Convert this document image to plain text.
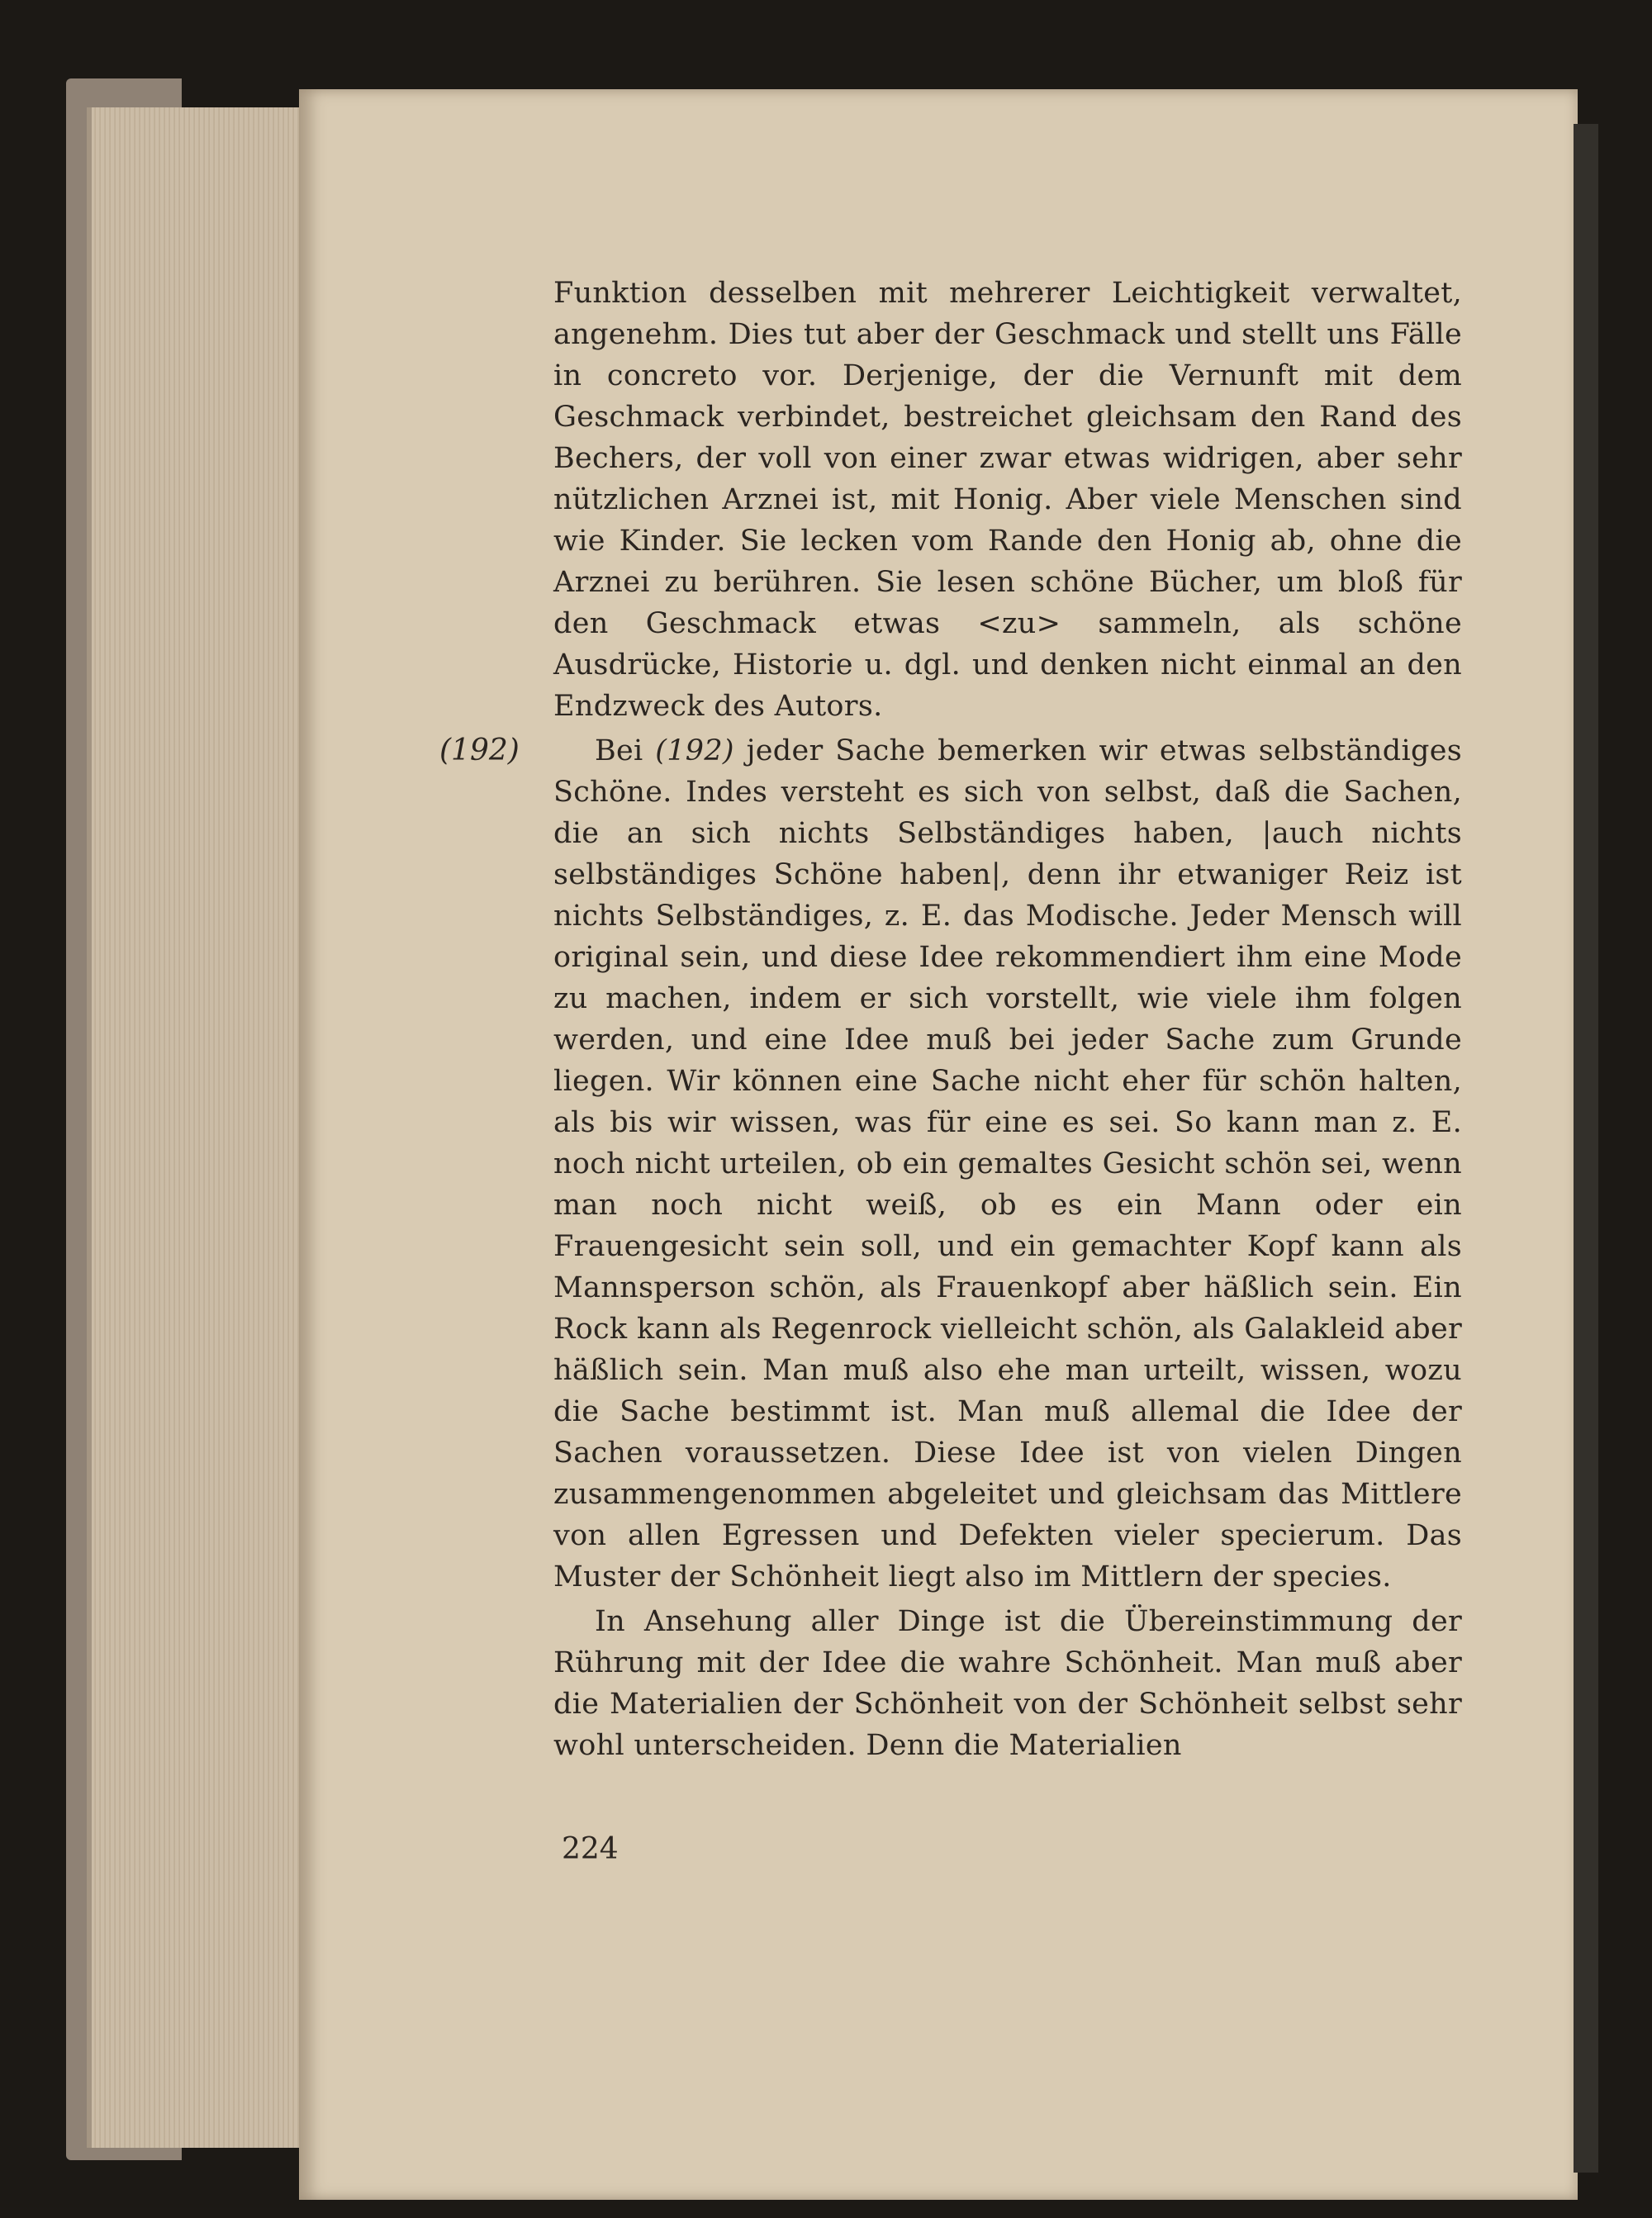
(192)

Funktion desselben mit mehrerer Leichtigkeit verwaltet, angenehm. Dies tut aber der Geschmack und stellt uns Fälle in concreto vor. Derjenige, der die Vernunft mit dem Geschmack verbindet, bestreichet gleichsam den Rand des Bechers, der voll von einer zwar etwas widrigen, aber sehr nützlichen Arznei ist, mit Honig. Aber viele Menschen sind wie Kinder. Sie lecken vom Rande den Honig ab, ohne die Arznei zu berühren. Sie lesen schöne Bücher, um bloß für den Geschmack etwas <zu> sammeln, als schöne Ausdrücke, Historie u. dgl. und denken nicht einmal an den Endzweck des Autors.

Bei (192) jeder Sache bemerken wir etwas selbständiges Schöne. Indes versteht es sich von selbst, daß die Sachen, die an sich nichts Selbständiges haben, |auch nichts selbständiges Schöne haben|, denn ihr etwaniger Reiz ist nichts Selbständiges, z. E. das Modische. Jeder Mensch will original sein, und diese Idee rekommendiert ihm eine Mode zu machen, indem er sich vorstellt, wie viele ihm folgen werden, und eine Idee muß bei jeder Sache zum Grunde liegen. Wir können eine Sache nicht eher für schön halten, als bis wir wissen, was für eine es sei. So kann man z. E. noch nicht urteilen, ob ein gemaltes Gesicht schön sei, wenn man noch nicht weiß, ob es ein Mann oder ein Frauengesicht sein soll, und ein gemachter Kopf kann als Mannsperson schön, als Frauenkopf aber häßlich sein. Ein Rock kann als Regenrock vielleicht schön, als Galakleid aber häßlich sein. Man muß also ehe man urteilt, wissen, wozu die Sache bestimmt ist. Man muß allemal die Idee der Sachen voraussetzen. Diese Idee ist von vielen Dingen zusammengenommen abgeleitet und gleichsam das Mittlere von allen Egressen und Defekten vieler specierum. Das Muster der Schönheit liegt also im Mittlern der species.

In Ansehung aller Dinge ist die Übereinstimmung der Rührung mit der Idee die wahre Schönheit. Man muß aber die Materialien der Schönheit von der Schönheit selbst sehr wohl unterscheiden. Denn die Materialien

224
